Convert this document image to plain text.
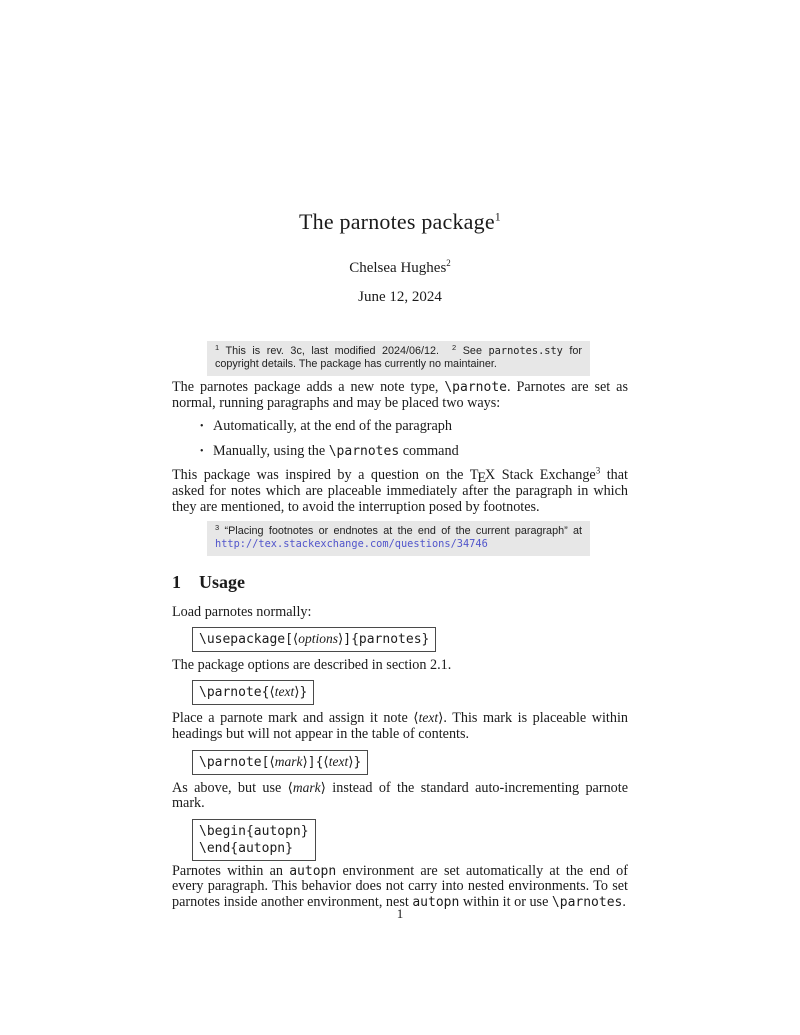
The parnotes package$^1$
Chelsea Hughes$^2$
June 12, 2024
$^1$ This is rev. 3c, last modified 2024/06/12. $^2$ See parnotes.sty for copyright details. The package has currently no maintainer.

The parnotes package adds a new note type, \parnote. Parnotes are set as normal, running paragraphs and may be placed two ways:

• Automatically, at the end of the paragraph
• Manually, using the \parnotes command

This package was inspired by a question on the TEX Stack Exchange$^3$ that asked for notes which are placeable immediately after the paragraph in which they are mentioned, to avoid the interruption posed by footnotes.

$^3$ “Placing footnotes or endnotes at the end of the current paragraph” at http://tex.stackexchange.com/questions/34746
1 Usage

Load parnotes normally:

\usepackage[⟨options⟩]{parnotes}

The package options are described in section 2.1.

\parnote{⟨text⟩}

Place a parnote mark and assign it note ⟨text⟩. This mark is placeable within headings but will not appear in the table of contents.

\parnote[⟨mark⟩]{⟨text⟩}

As above, but use ⟨mark⟩ instead of the standard auto-incrementing parnote mark.

\begin{autopn}
\end{autopn}

Parnotes within an autopn environment are set automatically at the end of every paragraph. This behavior does not carry into nested environments. To set parnotes inside another environment, nest autopn within it or use \parnotes.

1
